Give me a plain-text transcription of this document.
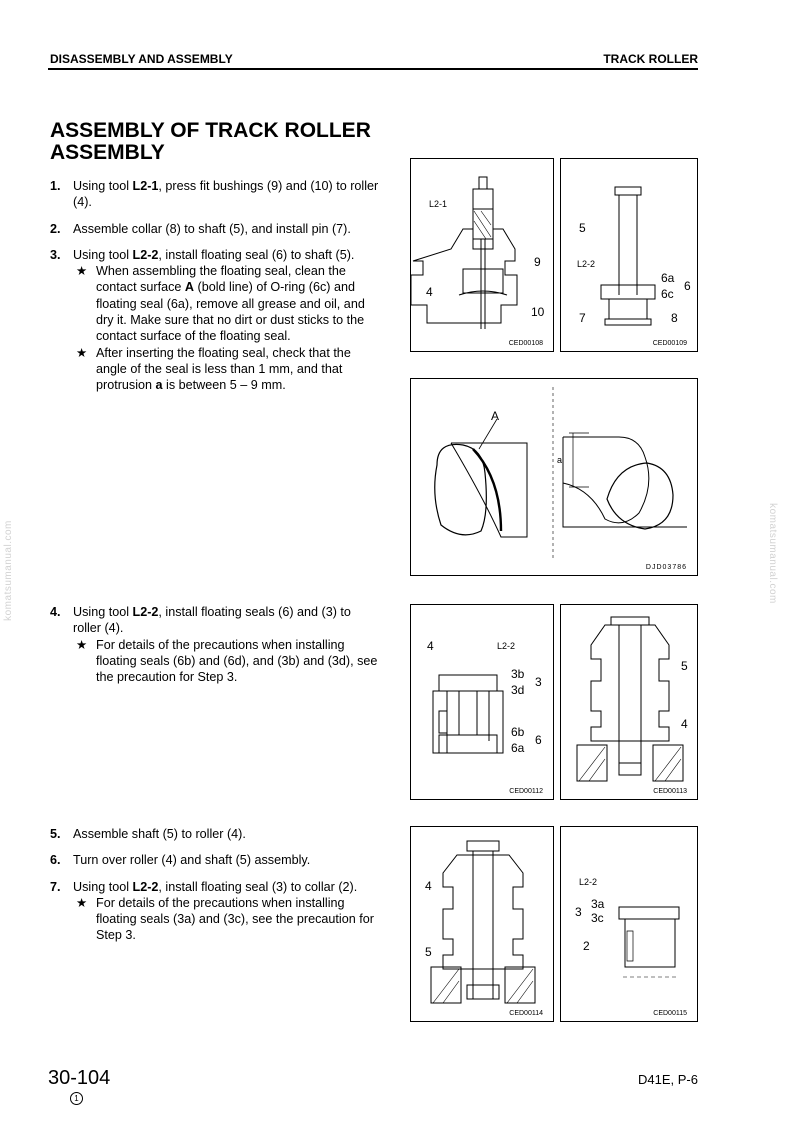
DISASSEMBLY AND ASSEMBLY	TRACK ROLLER
ASSEMBLY OF TRACK ROLLER
ASSEMBLY
1. Using tool L2-1, press fit bushings (9) and (10) to roller (4).
2. Assemble collar (8) to shaft (5), and install pin (7).
3. Using tool L2-2, install floating seal (6) to shaft (5).
★ When assembling the floating seal, clean the contact surface A (bold line) of O-ring (6c) and floating seal (6a), remove all grease and oil, and dry it. Make sure that no dirt or dust sticks to the contact surface of the floating seal.
★ After inserting the floating seal, check that the angle of the seal is less than 1 mm, and that protrusion a is between 5 – 9 mm.
4. Using tool L2-2, install floating seals (6) and (3) to roller (4).
★ For details of the precautions when installing floating seals (6b) and (6d), and (3b) and (3d), see the precaution for Step 3.
5. Assemble shaft (5) to roller (4).
6. Turn over roller (4) and shaft (5) assembly.
7. Using tool L2-2, install floating seal (3) to collar (2).
★ For details of the precautions when installing floating seals (3a) and (3c), see the precaution for Step 3.
L2-1
9
4
10
CED00108
5
L2-2
6a
6
6c
7	8
CED00109
A
a
DJD03786
4	L2-2
3b
3
3d
6b
6
6a
CED00112
5
4
CED00113
4
5
CED00114
L2-2
3a
3 3c
2
CED00115
komatsumanual.com	komatsumanual.com
30-104
1
D41E, P-6
